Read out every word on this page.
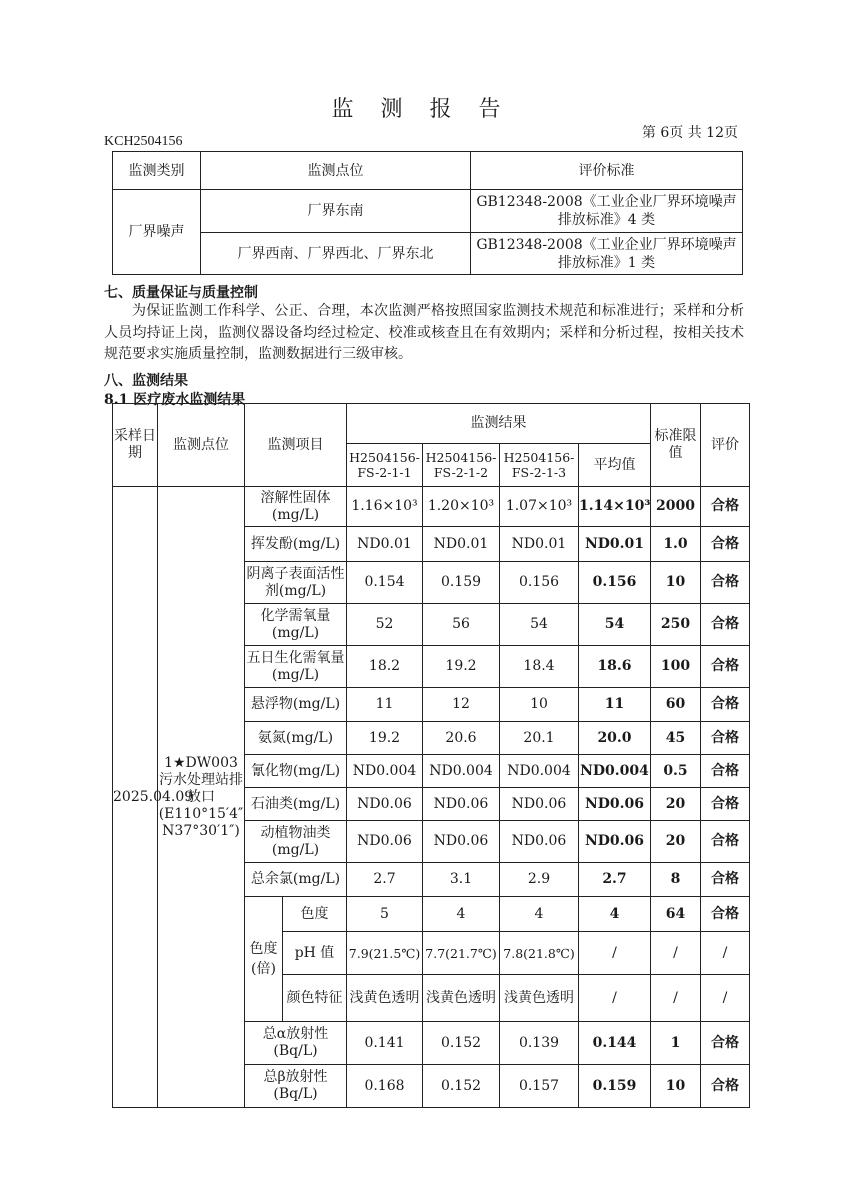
监 测 报 告
KCH2504156
第 6页 共 12页
监测类别	监测点位	评价标准
厂界噪声	厂界东南	GB12348-2008《工业企业厂界环境噪声排放标准》4 类
	厂界西南、厂界西北、厂界东北	GB12348-2008《工业企业厂界环境噪声排放标准》1 类
七、质量保证与质量控制
为保证监测工作科学、公正、合理，本次监测严格按照国家监测技术规范和标准进行；采样和分析人员均持证上岗，监测仪器设备均经过检定、校准或核查且在有效期内；采样和分析过程，按相关技术规范要求实施质量控制，监测数据进行三级审核。
八、监测结果
8.1 医疗废水监测结果
采样日期	监测点位	监测项目		监测结果				标准限值	评价
				H2504156-FS-2-1-1	H2504156-FS-2-1-2	H2504156-FS-2-1-3	平均值		
2025.04.09	1★DW003污水处理站排放口(E110°15′4″ N37°30′1″)	溶解性固体(mg/L)		1.16×10³	1.20×10³	1.07×10³	1.14×10³	2000	合格
		挥发酚(mg/L)		ND0.01	ND0.01	ND0.01	ND0.01	1.0	合格
		阴离子表面活性剂(mg/L)		0.154	0.159	0.156	0.156	10	合格
		化学需氧量(mg/L)		52	56	54	54	250	合格
		五日生化需氧量(mg/L)		18.2	19.2	18.4	18.6	100	合格
		悬浮物(mg/L)		11	12	10	11	60	合格
		氨氮(mg/L)		19.2	20.6	20.1	20.0	45	合格
		氰化物(mg/L)		ND0.004	ND0.004	ND0.004	ND0.004	0.5	合格
		石油类(mg/L)		ND0.06	ND0.06	ND0.06	ND0.06	20	合格
		动植物油类(mg/L)		ND0.06	ND0.06	ND0.06	ND0.06	20	合格
		总余氯(mg/L)		2.7	3.1	2.9	2.7	8	合格
		色度(倍)	色度	5	4	4	4	64	合格
			pH 值	7.9(21.5℃)	7.7(21.7℃)	7.8(21.8℃)	/	/	/
			颜色特征	浅黄色透明	浅黄色透明	浅黄色透明	/	/	/
		总α放射性(Bq/L)		0.141	0.152	0.139	0.144	1	合格
		总β放射性(Bq/L)		0.168	0.152	0.157	0.159	10	合格
